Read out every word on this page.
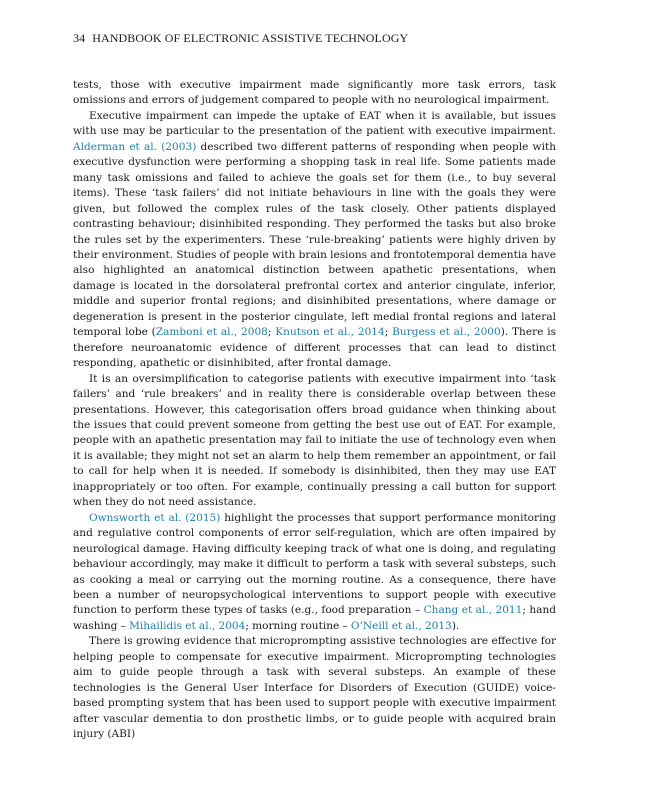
34 HANDBOOK OF ELECTRONIC ASSISTIVE TECHNOLOGY

tests, those with executive impairment made significantly more task errors, task omissions and errors of judgement compared to people with no neurological impairment.

Executive impairment can impede the uptake of EAT when it is available, but issues with use may be particular to the presentation of the patient with executive impairment. Alderman et al. (2003) described two different patterns of responding when people with executive dysfunction were performing a shopping task in real life. Some patients made many task omissions and failed to achieve the goals set for them (i.e., to buy several items). These ‘task failers’ did not initiate behaviours in line with the goals they were given, but followed the complex rules of the task closely. Other patients displayed contrasting behaviour; disinhibited responding. They performed the tasks but also broke the rules set by the experimenters. These ‘rule-breaking’ patients were highly driven by their environment. Studies of people with brain lesions and frontotemporal dementia have also highlighted an anatomical distinction between apathetic presentations, when damage is located in the dorsolateral prefrontal cortex and anterior cingulate, inferior, middle and superior frontal regions; and disinhibited presentations, where damage or degeneration is present in the posterior cingulate, left medial frontal regions and lateral temporal lobe (Zamboni et al., 2008; Knutson et al., 2014; Burgess et al., 2000). There is therefore neuroanatomic evidence of different processes that can lead to distinct responding, apathetic or disinhibited, after frontal damage.

It is an oversimplification to categorise patients with executive impairment into ‘task failers’ and ‘rule breakers’ and in reality there is considerable overlap between these presentations. However, this categorisation offers broad guidance when thinking about the issues that could prevent someone from getting the best use out of EAT. For example, people with an apathetic presentation may fail to initiate the use of technology even when it is available; they might not set an alarm to help them remember an appointment, or fail to call for help when it is needed. If somebody is disinhibited, then they may use EAT inappropriately or too often. For example, continually pressing a call button for support when they do not need assistance.

Ownsworth et al. (2015) highlight the processes that support performance monitoring and regulative control components of error self-regulation, which are often impaired by neurological damage. Having difficulty keeping track of what one is doing, and regulating behaviour accordingly, may make it difficult to perform a task with several substeps, such as cooking a meal or carrying out the morning routine. As a consequence, there have been a number of neuropsychological interventions to support people with executive function to perform these types of tasks (e.g., food preparation – Chang et al., 2011; hand washing – Mihailidis et al., 2004; morning routine – O’Neill et al., 2013).

There is growing evidence that microprompting assistive technologies are effective for helping people to compensate for executive impairment. Microprompting technologies aim to guide people through a task with several substeps. An example of these technologies is the General User Interface for Disorders of Execution (GUIDE) voice-based prompting system that has been used to support people with executive impairment after vascular dementia to don prosthetic limbs, or to guide people with acquired brain injury (ABI)
